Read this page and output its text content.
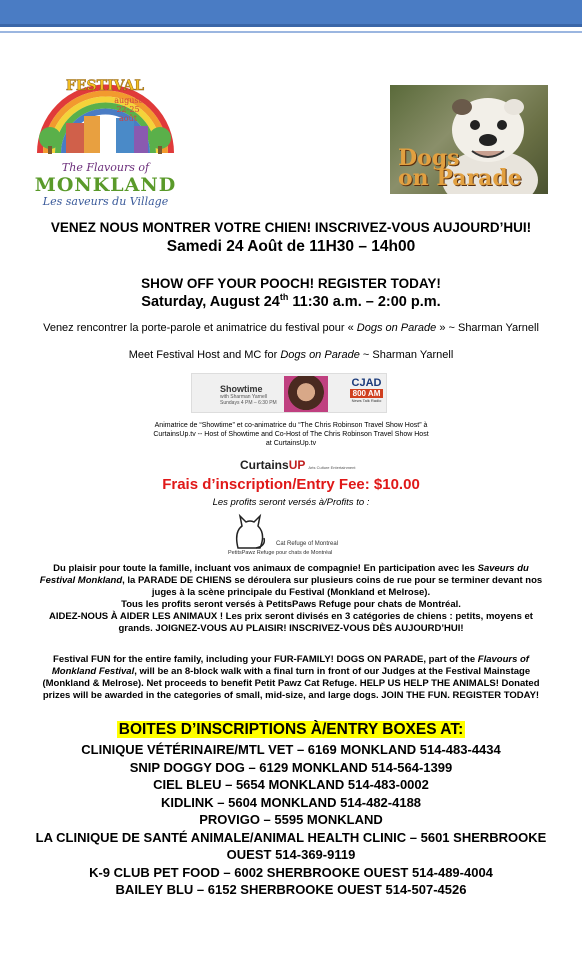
FESTIVAL
august
22-25
août
The Flavours of
MONKLAND
Les saveurs du Village
Dogs
on Parade
VENEZ NOUS MONTRER VOTRE CHIEN! INSCRIVEZ-VOUS AUJOURD’HUI!
Samedi 24 Août de 11H30 – 14h00
SHOW OFF YOUR POOCH! REGISTER TODAY!
Saturday, August 24th 11:30 a.m. – 2:00 p.m.
Venez rencontrer la porte-parole et animatrice du festival pour « Dogs on Parade » ~ Sharman Yarnell
Meet Festival Host and MC for Dogs on Parade ~ Sharman Yarnell
Showtime
with Sharman Yarnell
Sundays 4 PM – 6:30 PM
CJAD
800 AM
News Talk Radio
Animatrice de “Showtime” et co-animatrice du “The Chris Robinson Travel Show Host” à CurtainsUp.tv -- Host of Showtime and Co-Host of The Chris Robinson Travel Show Host at CurtainsUp.tv
CurtainsUP Arts Culture Entertainment
Frais d’inscription/Entry Fee: $10.00
Les profits seront versés à/Profits to :
Cat Refuge of Montreal
PetitsPawz Refuge pour chats de Montréal
Du plaisir pour toute la famille, incluant vos animaux de compagnie! En participation avec les Saveurs du Festival Monkland, la PARADE DE CHIENS se déroulera sur plusieurs coins de rue pour se terminer devant nos juges à la scène principale du Festival (Monkland et Melrose).
Tous les profits seront versés à PetitsPaws Refuge pour chats de Montréal.
AIDEZ-NOUS À AIDER LES ANIMAUX ! Les prix seront divisés en 3 catégories de chiens : petits, moyens et grands. JOIGNEZ-VOUS AU PLAISIR! INSCRIVEZ-VOUS DÈS AUJOURD’HUI!
Festival FUN for the entire family, including your FUR-FAMILY! DOGS ON PARADE, part of the Flavours of Monkland Festival, will be an 8-block walk with a final turn in front of our Judges at the Festival Mainstage (Monkland & Melrose). Net proceeds to benefit Petit Pawz Cat Refuge. HELP US HELP THE ANIMALS! Donated prizes will be awarded in the categories of small, mid-size, and large dogs. JOIN THE FUN. REGISTER TODAY!
BOITES D’INSCRIPTIONS À/ENTRY BOXES AT:
CLINIQUE VÉTÉRINAIRE/MTL VET – 6169 MONKLAND 514-483-4434
SNIP DOGGY DOG – 6129 MONKLAND 514-564-1399
CIEL BLEU – 5654 MONKLAND 514-483-0002
KIDLINK – 5604 MONKLAND 514-482-4188
PROVIGO – 5595 MONKLAND
LA CLINIQUE DE SANTÉ ANIMALE/ANIMAL HEALTH CLINIC – 5601 SHERBROOKE OUEST 514-369-9119
K-9 CLUB PET FOOD – 6002 SHERBROOKE OUEST 514-489-4004
BAILEY BLU – 6152 SHERBROOKE OUEST 514-507-4526
